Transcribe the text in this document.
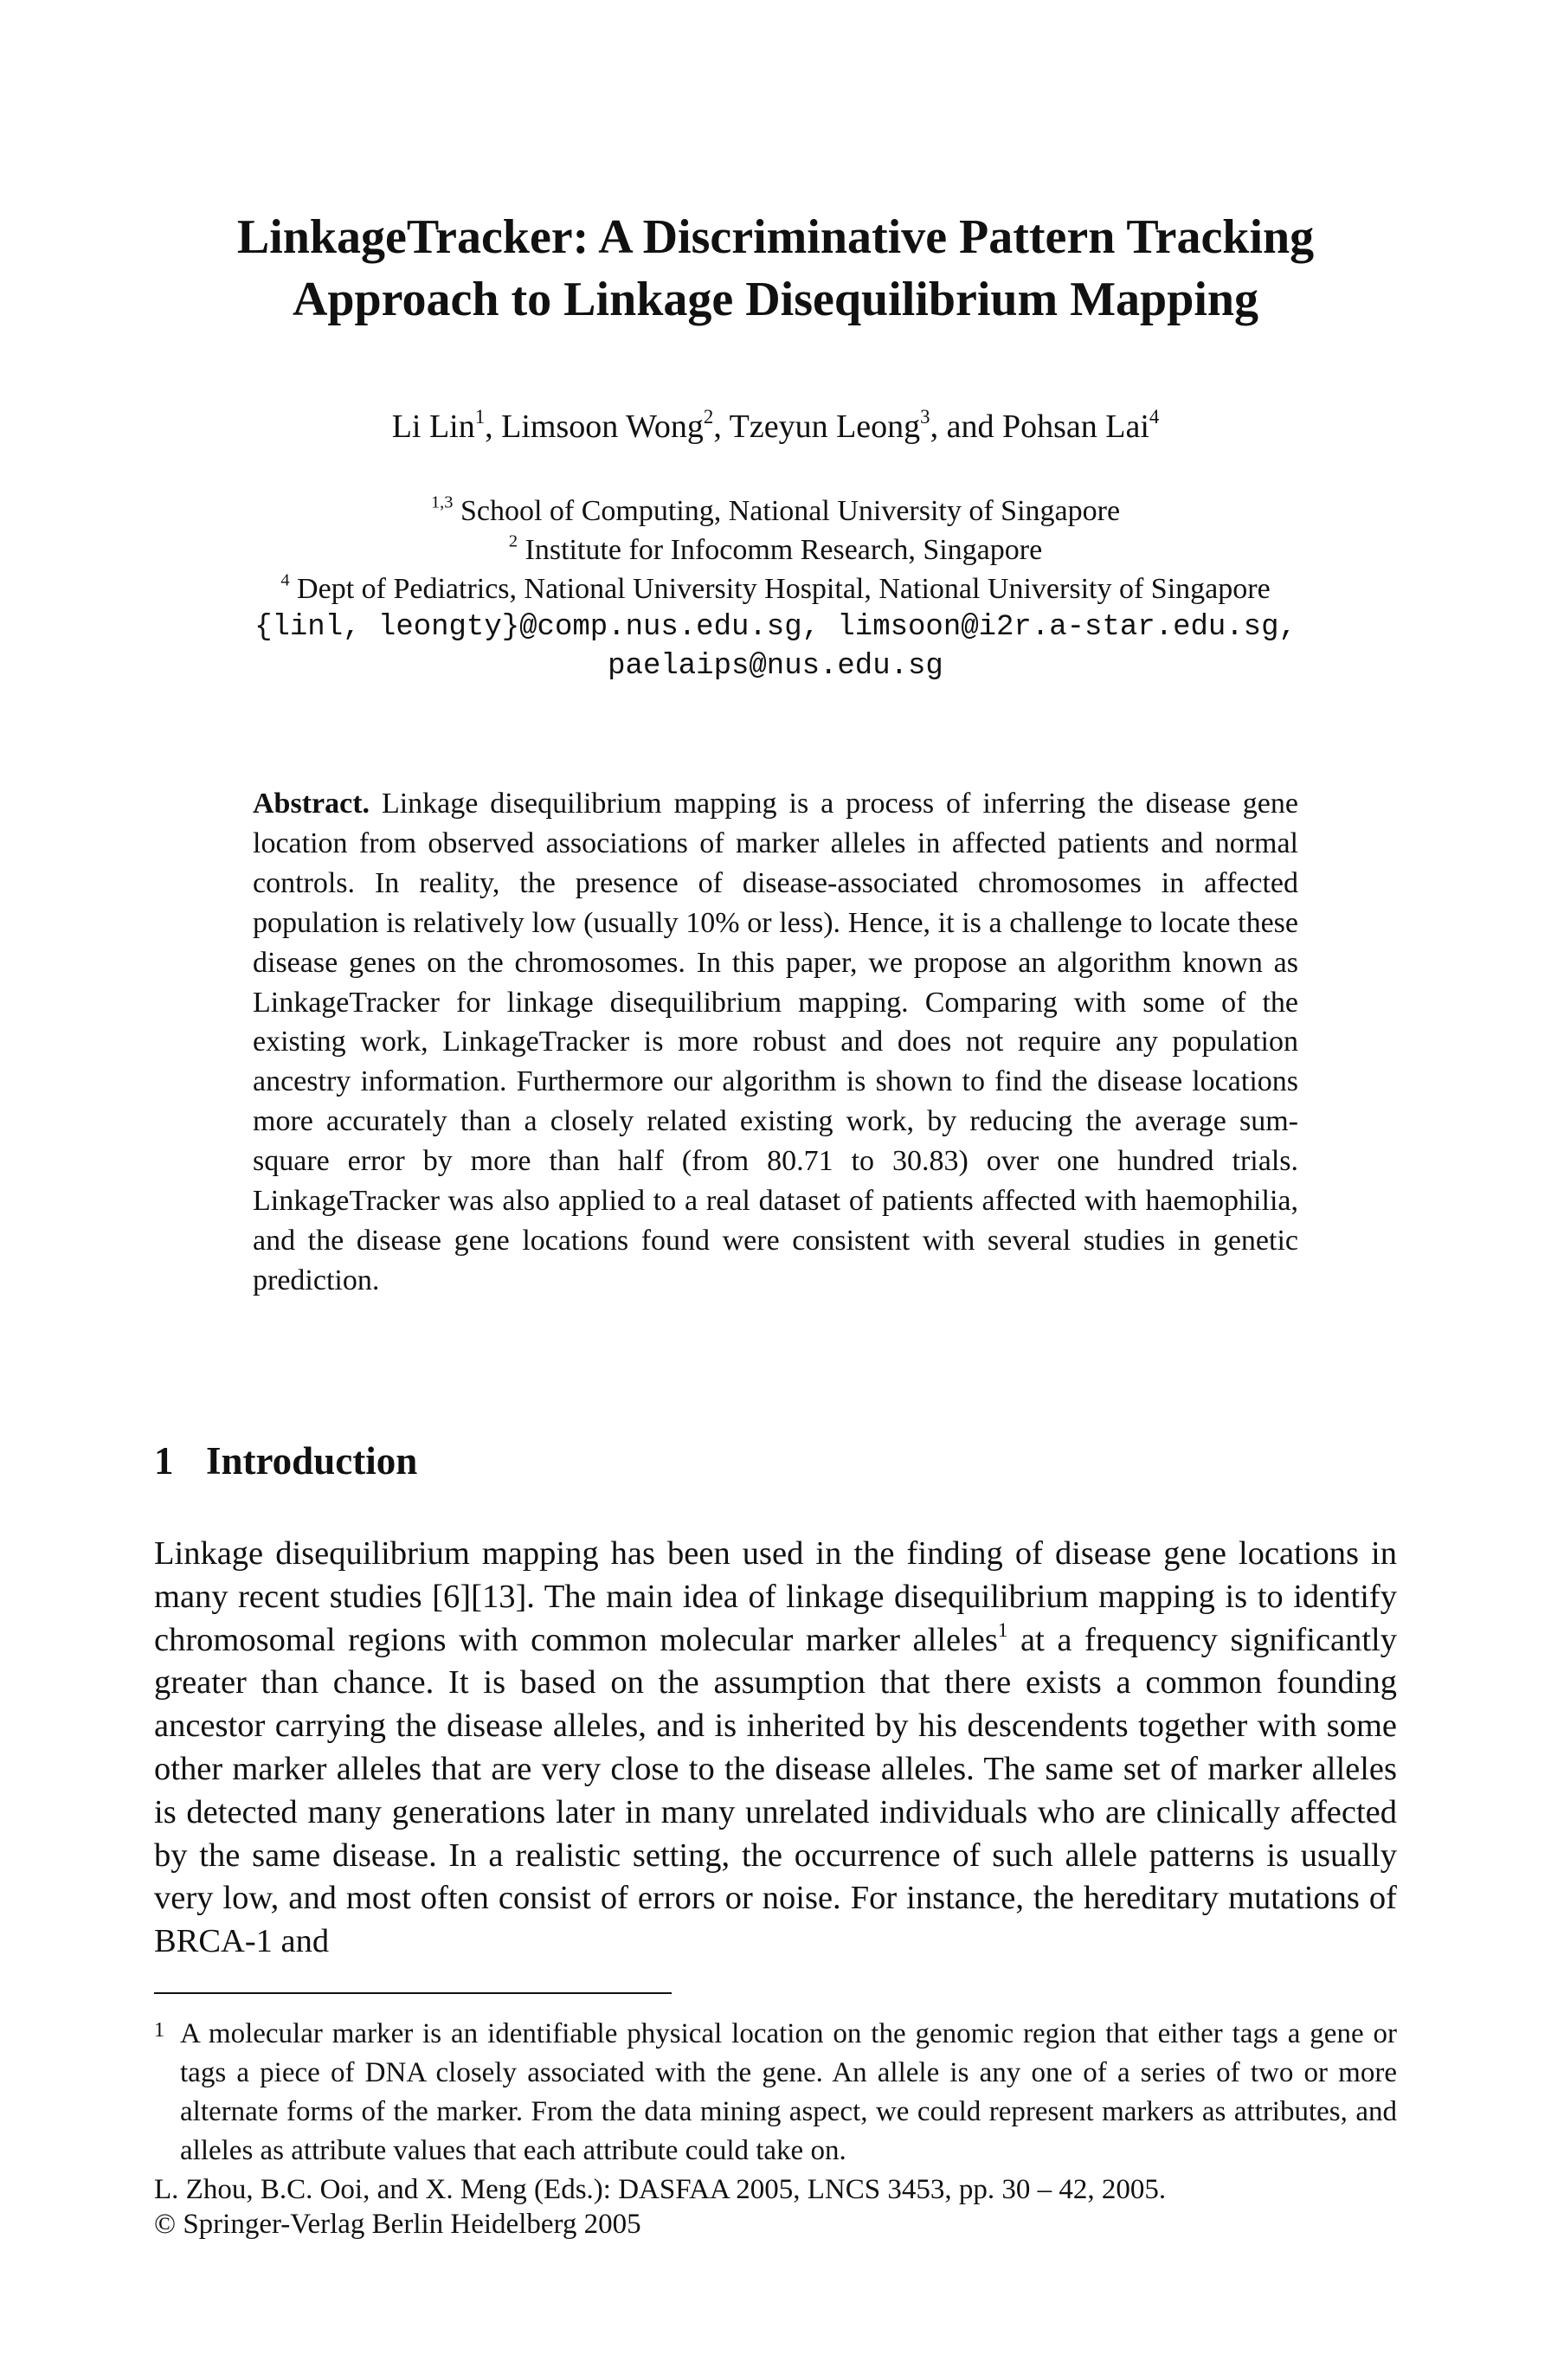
LinkageTracker: A Discriminative Pattern Tracking
Approach to Linkage Disequilibrium Mapping
Li Lin$^1$, Limsoon Wong$^2$, Tzeyun Leong$^3$, and Pohsan Lai$^4$
$^{1,3}$ School of Computing, National University of Singapore
$^2$ Institute for Infocomm Research, Singapore
$^4$ Dept of Pediatrics, National University Hospital, National University of Singapore
{linl, leongty}@comp.nus.edu.sg, limsoon@i2r.a-star.edu.sg,
paelaips@nus.edu.sg
Abstract. Linkage disequilibrium mapping is a process of inferring the disease gene location from observed associations of marker alleles in affected patients and normal controls. In reality, the presence of disease-associated chromosomes in affected population is relatively low (usually 10% or less). Hence, it is a challenge to locate these disease genes on the chromosomes. In this paper, we propose an algorithm known as LinkageTracker for linkage disequilibrium mapping. Comparing with some of the existing work, LinkageTracker is more robust and does not require any population ancestry information. Furthermore our algorithm is shown to find the disease locations more accurately than a closely related existing work, by reducing the average sum-square error by more than half (from 80.71 to 30.83) over one hundred trials. LinkageTracker was also applied to a real dataset of patients affected with haemophilia, and the disease gene locations found were consistent with several studies in genetic prediction.
1 Introduction
Linkage disequilibrium mapping has been used in the finding of disease gene locations in many recent studies [6][13]. The main idea of linkage disequilibrium mapping is to identify chromosomal regions with common molecular marker alleles$^1$ at a frequency significantly greater than chance. It is based on the assumption that there exists a common founding ancestor carrying the disease alleles, and is inherited by his descendents together with some other marker alleles that are very close to the disease alleles. The same set of marker alleles is detected many generations later in many unrelated individuals who are clinically affected by the same disease. In a realistic setting, the occurrence of such allele patterns is usually very low, and most often consist of errors or noise. For instance, the hereditary mutations of BRCA-1 and
1 A molecular marker is an identifiable physical location on the genomic region that either tags a gene or tags a piece of DNA closely associated with the gene. An allele is any one of a series of two or more alternate forms of the marker. From the data mining aspect, we could represent markers as attributes, and alleles as attribute values that each attribute could take on.
L. Zhou, B.C. Ooi, and X. Meng (Eds.): DASFAA 2005, LNCS 3453, pp. 30 – 42, 2005.
© Springer-Verlag Berlin Heidelberg 2005
